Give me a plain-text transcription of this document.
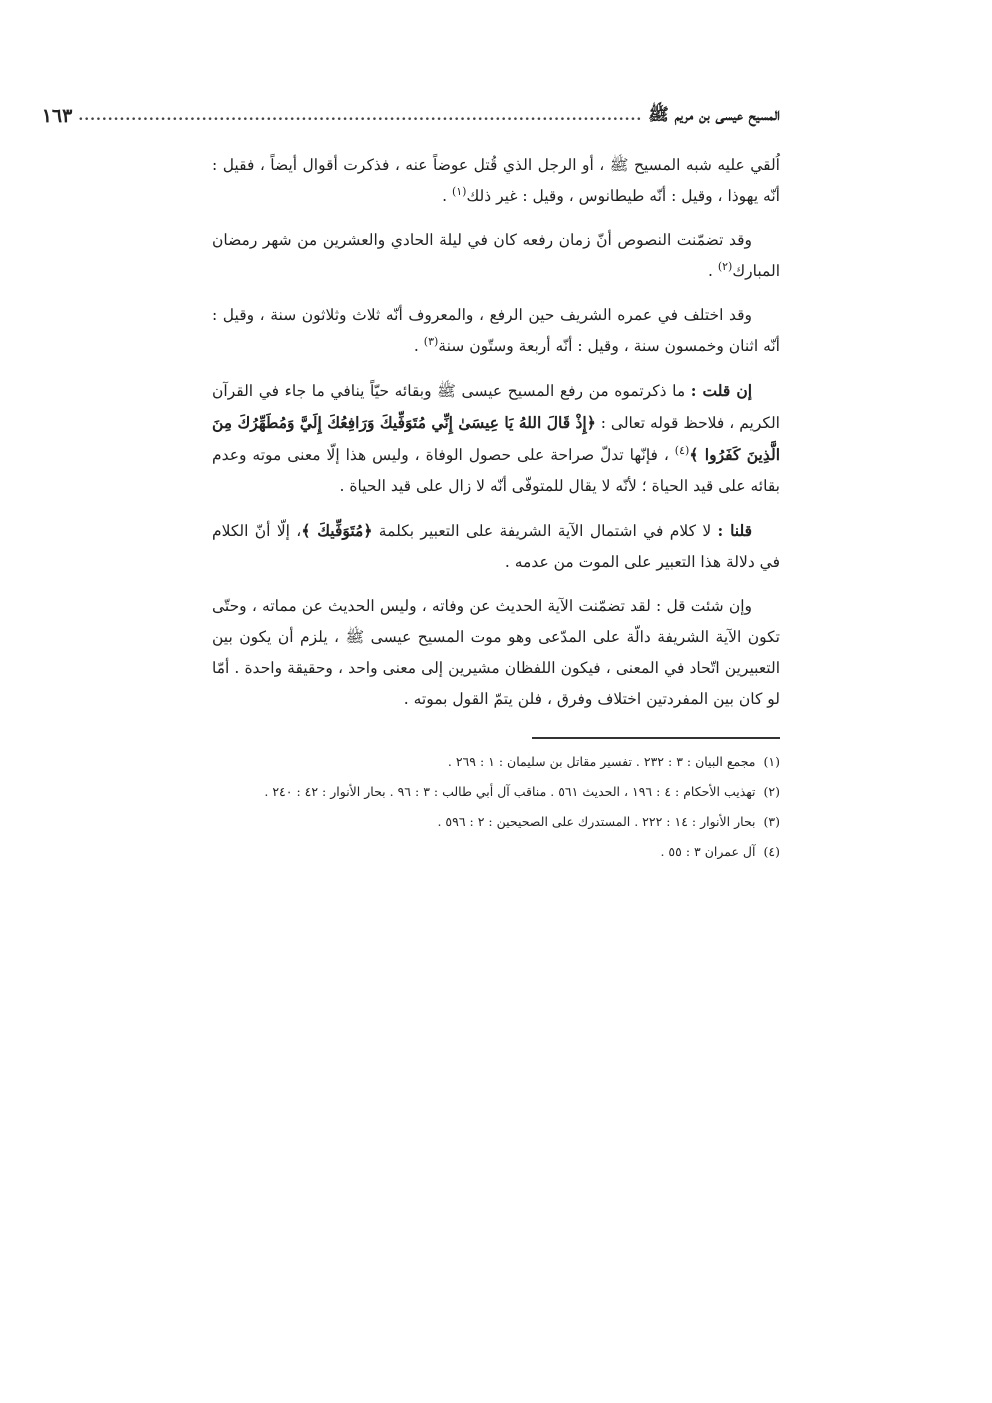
المسيح عيسى بن مريم ﷺ
................................................................................................
١٦٣

اُلقي عليه شبه المسيح ﷺ ، أو الرجل الذي قُتل عوضاً عنه ، فذكرت أقوال أيضاً ، فقيل : أنّه يهوذا ، وقيل : أنّه طيطانوس ، وقيل : غير ذلك$^{(١)}$ .

وقد تضمّنت النصوص أنّ زمان رفعه كان في ليلة الحادي والعشرين من شهر رمضان المبارك$^{(٢)}$ .

وقد اختلف في عمره الشريف حين الرفع ، والمعروف أنّه ثلاث وثلاثون سنة ، وقيل : أنّه اثنان وخمسون سنة ، وقيل : أنّه أربعة وستّون سنة$^{(٣)}$ .

إن قلت : ما ذكرتموه من رفع المسيح عيسى ﷺ وبقائه حيّاً ينافي ما جاء في القرآن الكريم ، فلاحظ قوله تعالى : ﴿إِذْ قَالَ اللهُ يَا عِيسَىٰ إِنِّي مُتَوَفِّيكَ وَرَافِعُكَ إِلَيَّ وَمُطَهِّرُكَ مِنَ الَّذِينَ كَفَرُوا ﴾$^{(٤)}$ ، فإنّها تدلّ صراحة على حصول الوفاة ، وليس هذا إلّا معنى موته وعدم بقائه على قيد الحياة ؛ لأنّه لا يقال للمتوفّى أنّه لا زال على قيد الحياة .

قلنا : لا كلام في اشتمال الآية الشريفة على التعبير بكلمة ﴿مُتَوَفِّيكَ ﴾، إلّا أنّ الكلام في دلالة هذا التعبير على الموت من عدمه .

وإن شئت قل : لقد تضمّنت الآية الحديث عن وفاته ، وليس الحديث عن مماته ، وحتّى تكون الآية الشريفة دالّة على المدّعى وهو موت المسيح عيسى ﷺ ، يلزم أن يكون بين التعبيرين اتّحاد في المعنى ، فيكون اللفظان مشيرين إلى معنى واحد ، وحقيقة واحدة . أمّا لو كان بين المفردتين اختلاف وفرق ، فلن يتمّ القول بموته .

(١)مجمع البيان : ٣ : ٢٣٢ . تفسير مقاتل بن سليمان : ١ : ٢٦٩ .

(٢)تهذيب الأحكام : ٤ : ١٩٦ ، الحديث ٥٦١ . مناقب آل أبي طالب : ٣ : ٩٦ . بحار الأنوار : ٤٢ : ٢٤٠ .

(٣)بحار الأنوار : ١٤ : ٢٢٢ . المستدرك على الصحيحين : ٢ : ٥٩٦ .

(٤)آل عمران ٣ : ٥٥ .
